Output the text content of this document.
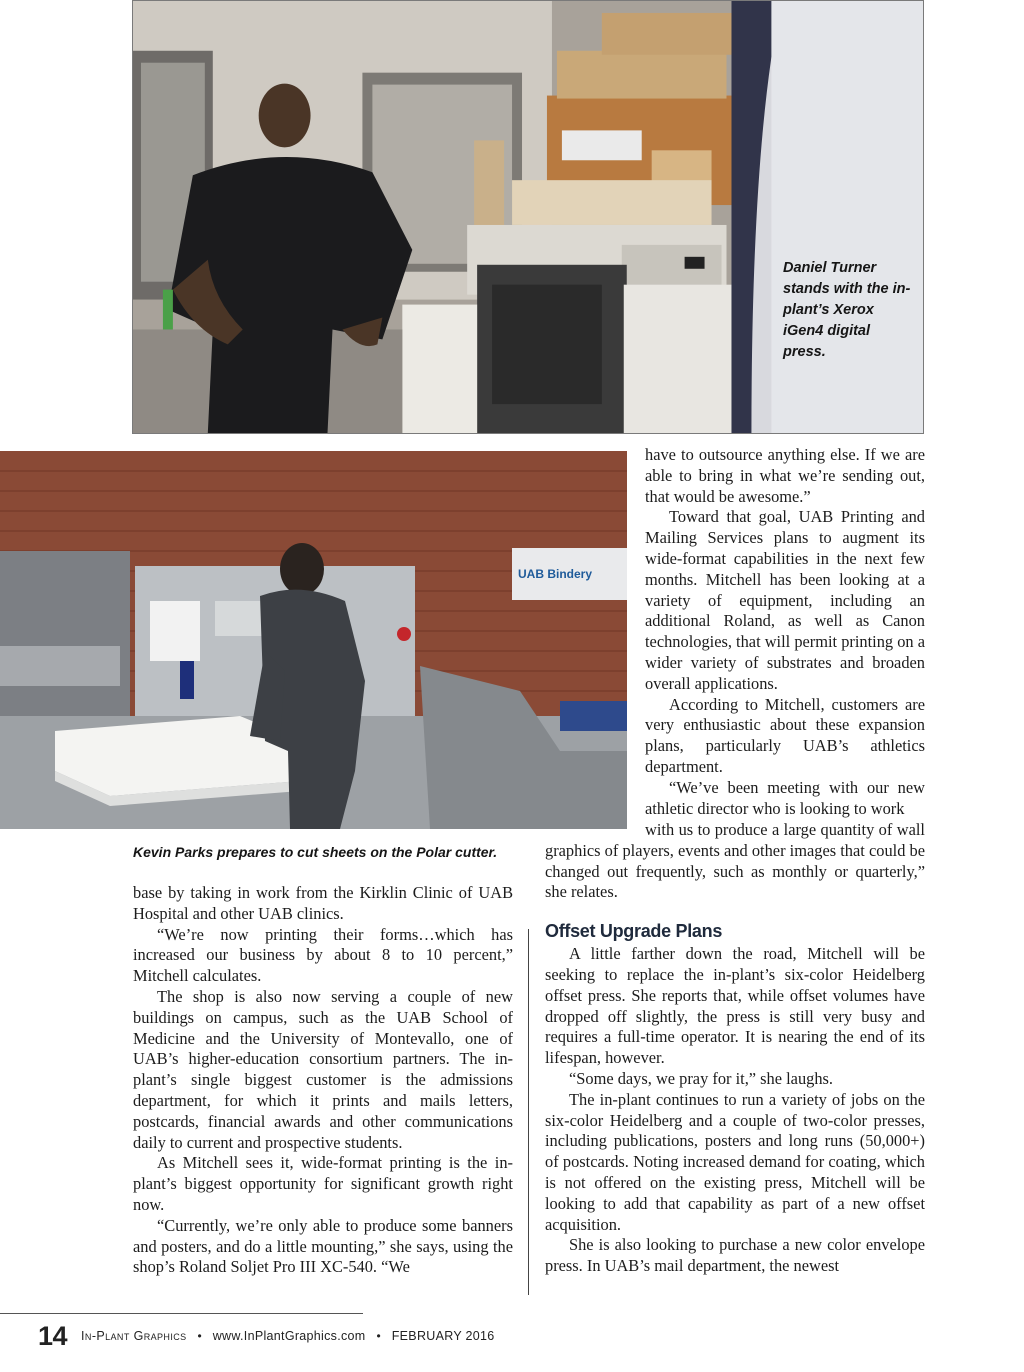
Daniel Turner stands with the in-plant’s Xerox iGen4 digital press.
UAB Bindery
Kevin Parks prepares to cut sheets on the Polar cutter.

have to outsource anything else. If we are able to bring in what we’re sending out, that would be awesome.”

Toward that goal, UAB Printing and Mailing Services plans to augment its wide-format capabilities in the next few months. Mitchell has been looking at a variety of equipment, including an additional Roland, as well as Canon technologies, that will permit printing on a wider variety of substrates and broaden overall applications.

According to Mitchell, customers are very enthusiastic about these expansion plans, particularly UAB’s athletics department.

“We’ve been meeting with our new athletic director who is looking to work

with us to produce a large quantity of wall graphics of players, events and other images that could be changed out frequently, such as monthly or quarterly,” she relates.

Offset Upgrade Plans

A little farther down the road, Mitchell will be seeking to replace the in-plant’s six-color Heidelberg offset press. She reports that, while offset volumes have dropped off slightly, the press is still very busy and requires a full-time operator. It is nearing the end of its lifespan, however.

“Some days, we pray for it,” she laughs.

The in-plant continues to run a variety of jobs on the six-color Heidelberg and a couple of two-color presses, including publications, posters and long runs (50,000+) of postcards. Noting increased demand for coating, which is not offered on the existing press, Mitchell will be looking to add that capability as part of a new offset acquisition.

She is also looking to purchase a new color envelope press. In UAB’s mail department, the newest

base by taking in work from the Kirklin Clinic of UAB Hospital and other UAB clinics.

“We’re now printing their forms…which has increased our business by about 8 to 10 percent,” Mitchell calculates.

The shop is also now serving a couple of new buildings on campus, such as the UAB School of Medicine and the University of Montevallo, one of UAB’s higher-education consortium partners. The in-plant’s single biggest customer is the admissions department, for which it prints and mails letters, postcards, financial awards and other communications daily to current and prospective students.

As Mitchell sees it, wide-format printing is the in-plant’s biggest opportunity for significant growth right now.

“Currently, we’re only able to produce some banners and posters, and do a little mounting,” she says, using the shop’s Roland Soljet Pro III XC-540. “We

14 In-Plant Graphics • www.InPlantGraphics.com • FEBRUARY 2016
